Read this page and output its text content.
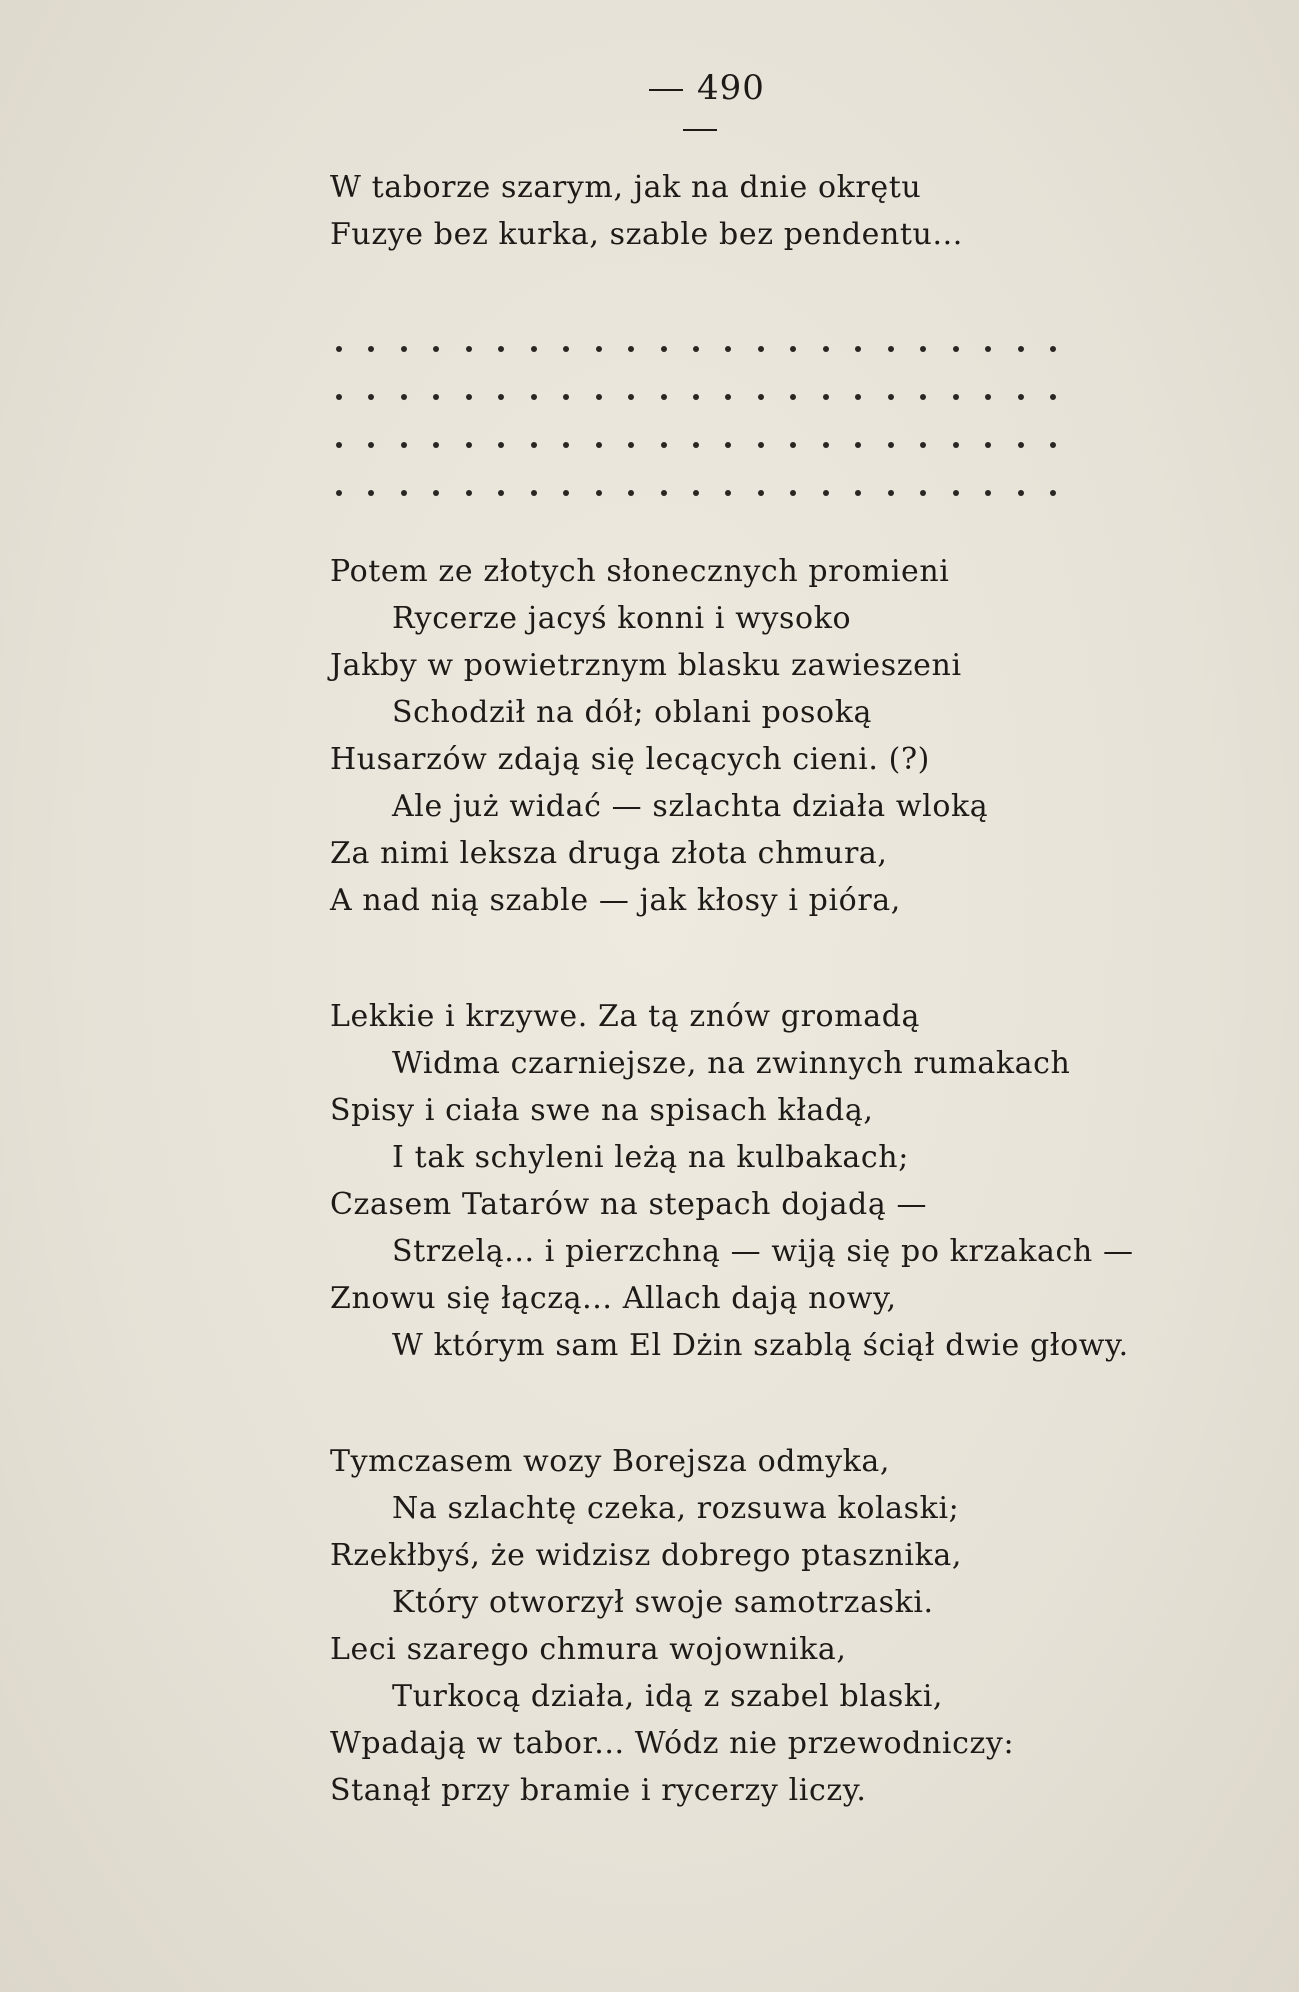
490
W taborze szarym, jak na dnie okrętu
Fuzye bez kurka, szable bez pendentu...
Potem ze złotych słonecznych promieni
Rycerze jacyś konni i wysoko
Jakby w powietrznym blasku zawieszeni
Schodził na dół; oblani posoką
Husarzów zdają się lecących cieni. (?)
Ale już widać — szlachta działa wloką
Za nimi leksza druga złota chmura,
A nad nią szable — jak kłosy i pióra,
Lekkie i krzywe. Za tą znów gromadą
Widma czarniejsze, na zwinnych rumakach
Spisy i ciała swe na spisach kładą,
I tak schyleni leżą na kulbakach;
Czasem Tatarów na stepach dojadą —
Strzelą... i pierzchną — wiją się po krzakach —
Znowu się łączą... Allach dają nowy,
W którym sam El Dżin szablą ściął dwie głowy.
Tymczasem wozy Borejsza odmyka,
Na szlachtę czeka, rozsuwa kolaski;
Rzekłbyś, że widzisz dobrego ptasznika,
Który otworzył swoje samotrzaski.
Leci szarego chmura wojownika,
Turkocą działa, idą z szabel blaski,
Wpadają w tabor... Wódz nie przewodniczy:
Stanął przy bramie i rycerzy liczy.
